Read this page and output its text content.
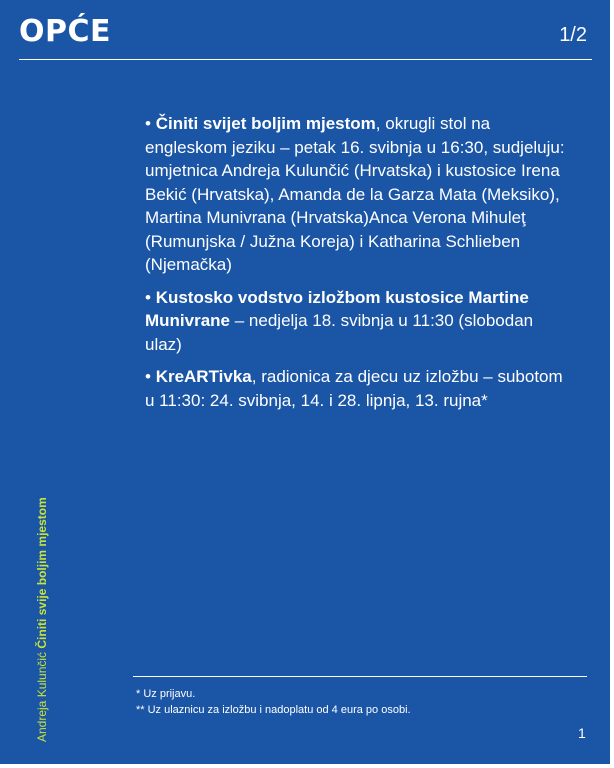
OPĆE	1/2

• Činiti svijet boljim mjestom, okrugli stol na engleskom jeziku – petak 16. svibnja u 16:30, sudjeluju: umjetnica Andreja Kulunčić (Hrvatska) i kustosice Irena Bekić (Hrvatska), Amanda de la Garza Mata (Meksiko), Martina Munivrana (Hrvatska)Anca Verona Mihuleţ (Rumunjska / Južna Koreja) i Katharina Schlieben (Njemačka)

• Kustosko vodstvo izložbom kustosice Martine Munivrane – nedjelja 18. svibnja u 11:30 (slobodan ulaz)

• KreARTivka, radionica za djecu uz izložbu – subotom u 11:30: 24. svibnja, 14. i 28. lipnja, 13. rujna*

* Uz prijavu.
** Uz ulaznicu za izložbu i nadoplatu od 4 eura po osobi.
1
Andreja Kulunčić Činiti svije boljim mjestom
